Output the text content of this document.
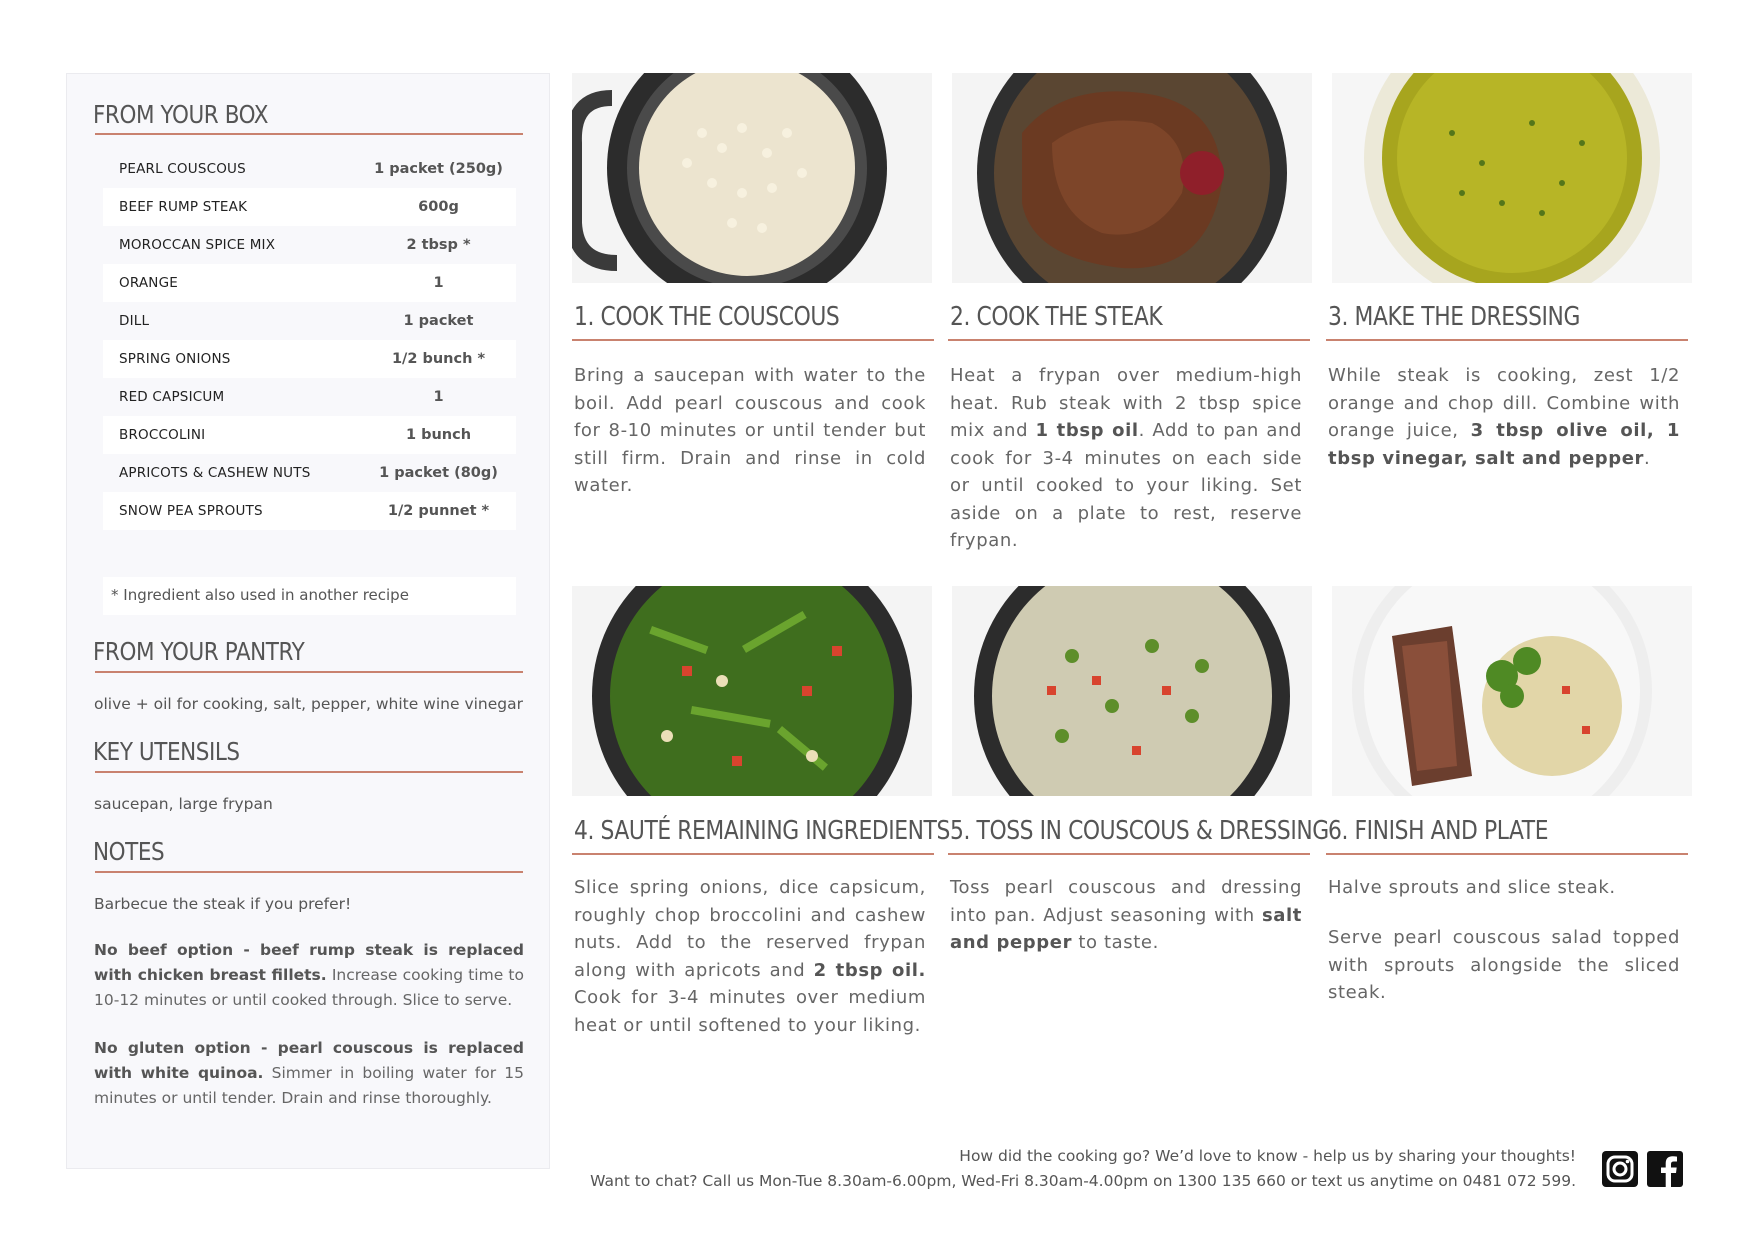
FROM YOUR BOX
PEARL COUSCOUS	1 packet (250g)
BEEF RUMP STEAK	600g
MOROCCAN SPICE MIX	2 tbsp *
ORANGE	1
DILL	1 packet
SPRING ONIONS	1/2 bunch *
RED CAPSICUM	1
BROCCOLINI	1 bunch
APRICOTS & CASHEW NUTS	1 packet (80g)
SNOW PEA SPROUTS	1/2 punnet *
* Ingredient also used in another recipe
FROM YOUR PANTRY
olive + oil for cooking, salt, pepper, white wine vinegar
KEY UTENSILS
saucepan, large frypan
NOTES
Barbecue the steak if you prefer!
No beef option - beef rump steak is replaced with chicken breast fillets. Increase cooking time to 10-12 minutes or until cooked through. Slice to serve.
No gluten option - pearl couscous is replaced with white quinoa. Simmer in boiling water for 15 minutes or until tender. Drain and rinse thoroughly.
1. COOK THE COUSCOUS
Bring a saucepan with water to the boil. Add pearl couscous and cook for 8-10 minutes or until tender but still firm. Drain and rinse in cold water.
2. COOK THE STEAK
Heat a frypan over medium-high heat. Rub steak with 2 tbsp spice mix and 1 tbsp oil. Add to pan and cook for 3-4 minutes on each side or until cooked to your liking. Set aside on a plate to rest, reserve frypan.
3. MAKE THE DRESSING
While steak is cooking, zest 1/2 orange and chop dill. Combine with orange juice, 3 tbsp olive oil, 1 tbsp vinegar, salt and pepper.
4. SAUTÉ REMAINING INGREDIENTS
Slice spring onions, dice capsicum, roughly chop broccolini and cashew nuts. Add to the reserved frypan along with apricots and 2 tbsp oil. Cook for 3-4 minutes over medium heat or until softened to your liking.
5. TOSS IN COUSCOUS & DRESSING
Toss pearl couscous and dressing into pan. Adjust seasoning with salt and pepper to taste.
6. FINISH AND PLATE
Halve sprouts and slice steak.
Serve pearl couscous salad topped with sprouts alongside the sliced steak.
How did the cooking go? We’d love to know - help us by sharing your thoughts!
Want to chat? Call us Mon-Tue 8.30am-6.00pm, Wed-Fri 8.30am-4.00pm on 1300 135 660 or text us anytime on 0481 072 599.
